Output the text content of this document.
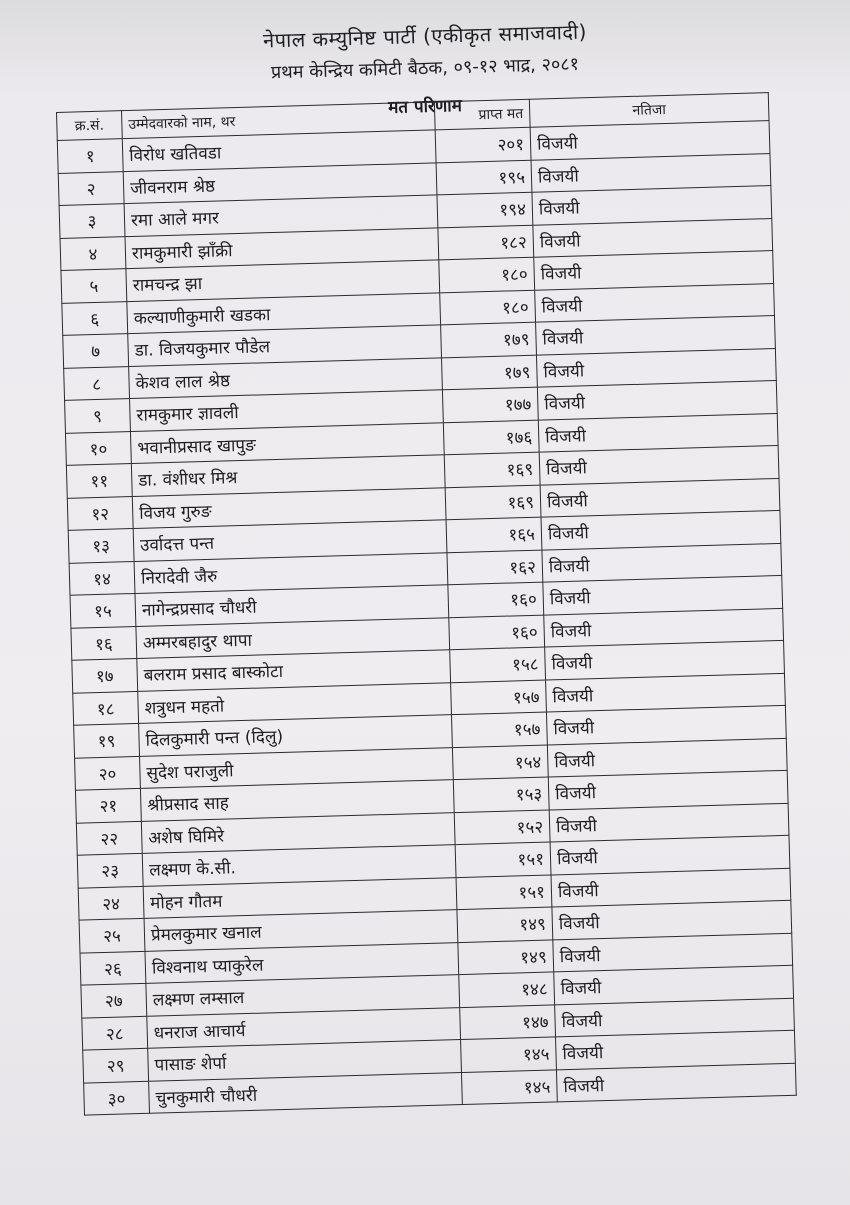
नेपाल कम्युनिष्ट पार्टी (एकीकृत समाजवादी)
प्रथम केन्द्रिय कमिटी बैठक, ०९-१२ भाद्र, २०८१
मत परिणाम
क्र.सं.	उम्मेदवारको नाम, थर	प्राप्त मत	नतिजा
१	विरोध खतिवडा	२०१	विजयी
२	जीवनराम श्रेष्ठ	१९५	विजयी
३	रमा आले मगर	१९४	विजयी
४	रामकुमारी झाँक्री	१८२	विजयी
५	रामचन्द्र झा	१८०	विजयी
६	कल्याणीकुमारी खडका	१८०	विजयी
७	डा. विजयकुमार पौडेल	१७९	विजयी
८	केशव लाल श्रेष्ठ	१७९	विजयी
९	रामकुमार ज्ञावली	१७७	विजयी
१०	भवानीप्रसाद खापुङ	१७६	विजयी
११	डा. वंशीधर मिश्र	१६९	विजयी
१२	विजय गुरुङ	१६९	विजयी
१३	उर्वादत्त पन्त	१६५	विजयी
१४	निरादेवी जैरु	१६२	विजयी
१५	नागेन्द्रप्रसाद चौधरी	१६०	विजयी
१६	अम्मरबहादुर थापा	१६०	विजयी
१७	बलराम प्रसाद बास्कोटा	१५८	विजयी
१८	शत्रुधन महतो	१५७	विजयी
१९	दिलकुमारी पन्त (दिलु)	१५७	विजयी
२०	सुदेश पराजुली	१५४	विजयी
२१	श्रीप्रसाद साह	१५३	विजयी
२२	अशेष घिमिरे	१५२	विजयी
२३	लक्ष्मण के.सी.	१५१	विजयी
२४	मोहन गौतम	१५१	विजयी
२५	प्रेमलकुमार खनाल	१४९	विजयी
२६	विश्वनाथ प्याकुरेल	१४९	विजयी
२७	लक्ष्मण लम्साल	१४८	विजयी
२८	धनराज आचार्य	१४७	विजयी
२९	पासाङ शेर्पा	१४५	विजयी
३०	चुनकुमारी चौधरी	१४५	विजयी
